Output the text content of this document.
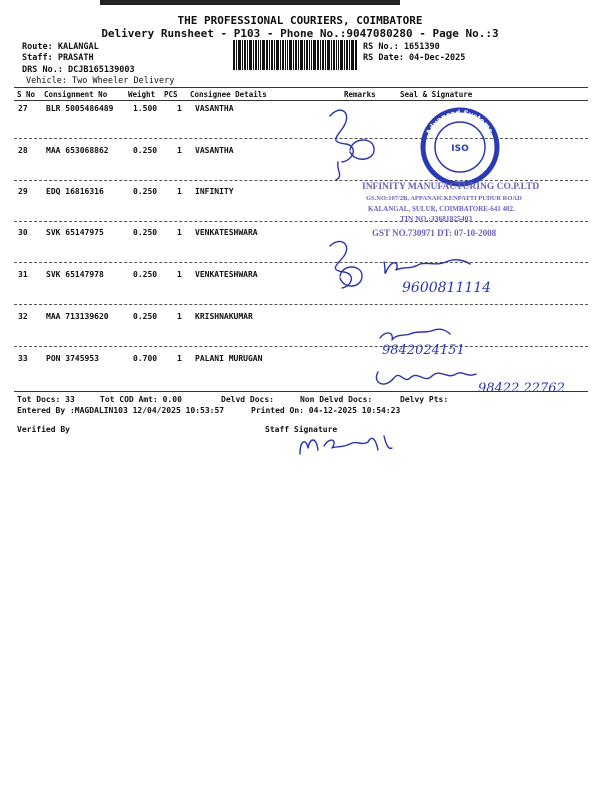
THE PROFESSIONAL COURIERS, COIMBATORE
Delivery Runsheet - P103 - Phone No.:9047080280 - Page No.:3
Route: KALANGAL
Staff: PRASATH
DRS No.: DCJB165139003
Vehicle: Two Wheeler Delivery
RS No.: 1651390
RS Date: 04-Dec-2025
S No Consignment No	Weight PCS Consignee Details	Remarks	Seal & Signature
27 BLR 5005486489 1.500 1 VASANTHA
28 MAA 653068862	0.250 1 VASANTHA
29 EDQ 16816316	0.250 1 INFINITY
30 SVK 65147975	0.250 1 VENKATESHWARA
31 SVK 65147978	0.250 1 VENKATESHWARA
32 MAA 713139620	0.250 1 KRISHNAKUMAR
33 PON 3745953	0.700 1 PALANI MURUGAN
Tot Docs: 33	Tot COD Amt: 0.00	Delvd Docs:	Non Delvd Docs:	Delvy Pts:
Entered By :MAGDALIN103 12/04/2025 10:53:57	Printed On: 04-12-2025 10:54:23
Verified By	Staff Signature
Advanced Systems
ISO
INFINITY MANUFACTURING CO.P.LTD
GS.NO:107/2B, APPANAICKENPATTI PUDUR ROAD
KALANGAL, SULUR, COIMBATORE-641 402.
TIN NO.:33681825403
GST NO.730971 DT: 07-10-2008
9600811114
9842024151
98422 22762
